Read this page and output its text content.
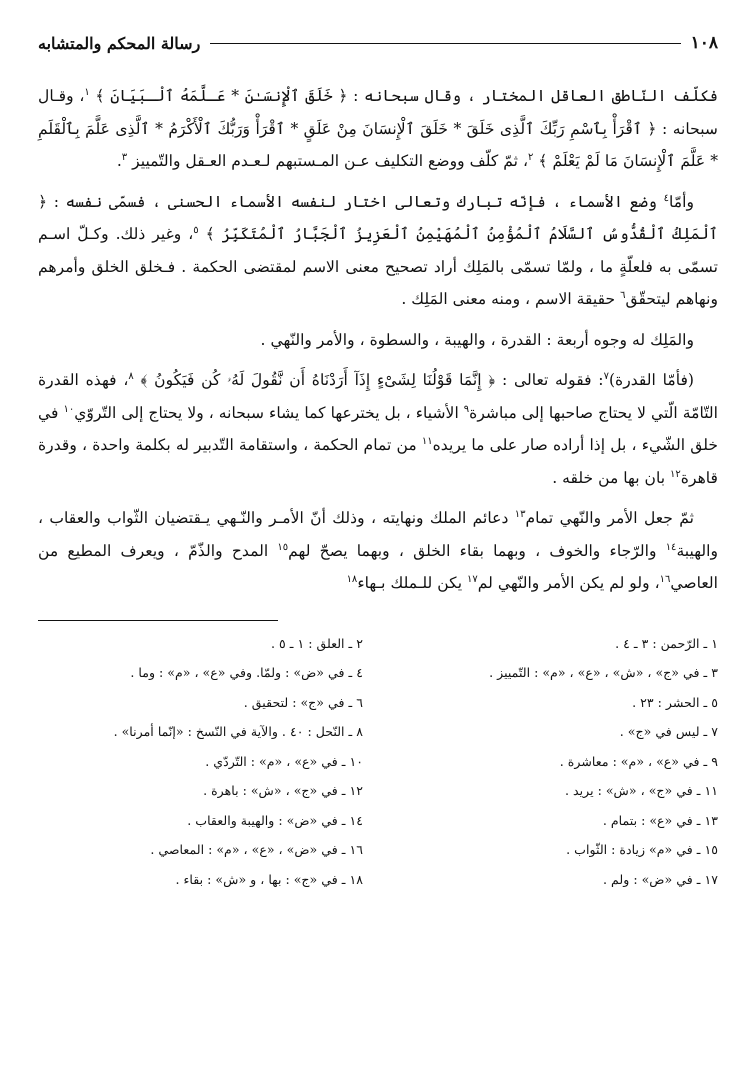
١٠٨
رسالة المحكم والمتشابه

فكلّف النّاطق العاقل المختار ، وقال سبحانه : ﴿ خَلَقَ ٱلْإِنسَـٰنَ * عَـلَّمَهُ ٱلْـبَيَانَ ﴾ $^١$، وقـال سبحانه : ﴿ ٱقْرَأْ بِٱسْمِ رَبِّكَ ٱلَّذِى خَلَقَ * خَلَقَ ٱلْإِنسَانَ مِنْ عَلَقٍ * ٱقْرَأْ وَرَبُّكَ ٱلْأَكْرَمُ * ٱلَّذِى عَلَّمَ بِٱلْقَلَمِ * عَلَّمَ ٱلْإِنسَانَ مَا لَمْ يَعْلَمْ ﴾ $^٢$، ثمّ كلّف ووضع التكليف عـن المـستبهم لـعـدم العـقل والتّمييز $^٣$.

وأمّا$^٤$ وضع الأسماء ، فإنّه تبارك وتعالى اختار لنفسه الأسماء الحسنى ، فسمّى نفسه : ﴿ ٱلْمَلِكُ ٱلْقُدُّوسُ ٱلسَّلَامُ ٱلْمُؤْمِنُ ٱلْمُهَيْمِنُ ٱلْعَزِيزُ ٱلْجَبَّارُ ٱلْمُتَكَبِّرُ ﴾ $^٥$، وغير ذلك. وكـلّ اسـم تسمّى به فلعلّةٍ ما ، ولمّا تسمّى بالمَلِك أراد تصحيح معنى الاسم لمقتضى الحكمة . فـخلق الخلق وأمرهم ونهاهم ليتحقّق$^٦$ حقيقة الاسم ، ومنه معنى المَلِك .

والمَلِك له وجوه أربعة : القدرة ، والهيبة ، والسطوة ، والأمر والنّهي .

(فأمّا القدرة)$^٧$: فقوله تعالى : ﴿ إِنَّمَا قَوْلُنَا لِشَىْءٍ إِذَآ أَرَدْنَاهُ أَن نَّقُولَ لَهُۥ كُن فَيَكُونُ ﴾ $^٨$، فهذه القدرة التّامّة الّتي لا يحتاج صاحبها إلى مباشرة$^٩$ الأشياء ، بل يخترعها كما يشاء سبحانه ، ولا يحتاج إلى التّروّي$^{١٠}$ في خلق الشّيء ، بل إذا أراده صار على ما يريده$^{١١}$ من تمام الحكمة ، واستقامة التّدبير له بكلمة واحدة ، وقدرة قاهرة$^{١٢}$ بان بها من خلقه .

ثمّ جعل الأمر والنّهي تمام$^{١٣}$ دعائم الملك ونهايته ، وذلك أنّ الأمـر والنّـهي يـقتضيان الثّواب والعقاب ، والهيبة$^{١٤}$ والرّجاء والخوف ، وبهما بقاء الخلق ، وبهما يصحّ لهم$^{١٥}$ المدح والذّمّ ، ويعرف المطيع من العاصي$^{١٦}$، ولو لم يكن الأمر والنّهي لم$^{١٧}$ يكن للـملك بـهاء$^{١٨}$

١ ـ الرّحمن : ٣ ـ ٤ .
٢ ـ العلق : ١ ـ ٥ .
٣ ـ في «ج» ، «ش» ، «ع» ، «م» : التّمييز .
٤ ـ في «ض» : ولمّا. وفي «ع» ، «م» : وما .
٥ ـ الحشر : ٢٣ .
٦ ـ في «ج» : لتحقيق .
٧ ـ ليس في «ج» .
٨ ـ النّحل : ٤٠ . والآية في النّسخ : «إنّما أمرنا» .
٩ ـ في «ع» ، «م» : معاشرة .
١٠ ـ في «ع» ، «م» : التّردّي .
١١ ـ في «ج» ، «ش» : يريد .
١٢ ـ في «ج» ، «ش» : باهرة .
١٣ ـ في «ع» : بتمام .
١٤ ـ في «ض» : والهيبة والعقاب .
١٥ ـ في «م» زيادة : الثّواب .
١٦ ـ في «ض» ، «ع» ، «م» : المعاصي .
١٧ ـ في «ض» : ولم .
١٨ ـ في «ج» : بها ، و «ش» : بقاء .
